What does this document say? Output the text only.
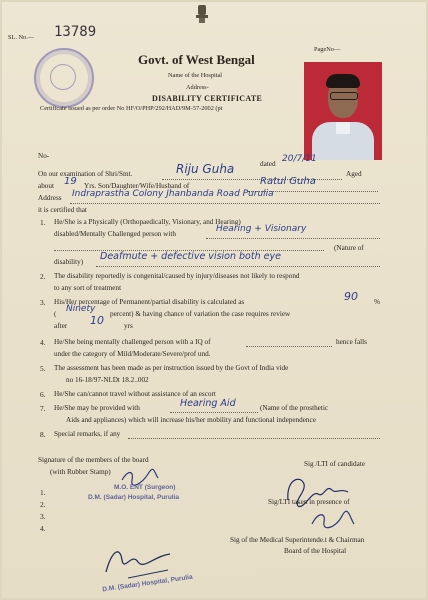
SL. No.— 13789
PageNo—
Govt. of West Bengal
Name of the Hospital
Address-
DISABILITY CERTIFICATE
Certificate issued as per order No HF/O/PHP/292/HAD/9M-57-2002 (pt
No-
dated 20/7/11
On our examination of Shri/Smt.	Riju Guha	Aged
about 19 Yrs. Son/Daughter/Wife/Husband of	Ratul Guha
Address Indraprastha Colony Jhanbanda Road Purulia
it is certified that
1. He/She is a Physically (Orthopaedically, Visionary, and Hearing)
disabled/Mentally Challenged person with	Hearing + Visionary
(Nature of
disability) Deafmute + defective vision both eye
2. The disability reportedly is congenital/caused by injury/diseases not likely to respond
to any sort of treatment
3. His/Her percentage of Permanent/partial disability is calculated as	90 %
( Ninety percent) & having chance of variation the case requires review
after 10	yrs
4. He/She being mentally challenged person with a IQ of	hence falls
under the category of Mild/Moderate/Severe/prof und.
5. The assessment has been made as per instruction issued by the Govt of India vide
no 16-18/97-NI.Dt 18.2..002
6. He/She can/cannot travel without assistance of an escort
7. He/She may be provided with	Hearing Aid	(Name of the prosthetic
Aids and appliances) which will increase his/her mobility and functional independence
8. Special remarks, if any
Signature of the members of the board
(with Rubber Stamp)
Sig /LTI of candidate
1.
2.
3.
4.
M.O. ENT (Surgeon)
D.M. (Sadar) Hospital, Purulia
Sig/LTI taken in presence of
Sig of the Medical Superintende.t & Chairman
Board of the Hospital
D.M. (Sadar) Hospital, Purulia
